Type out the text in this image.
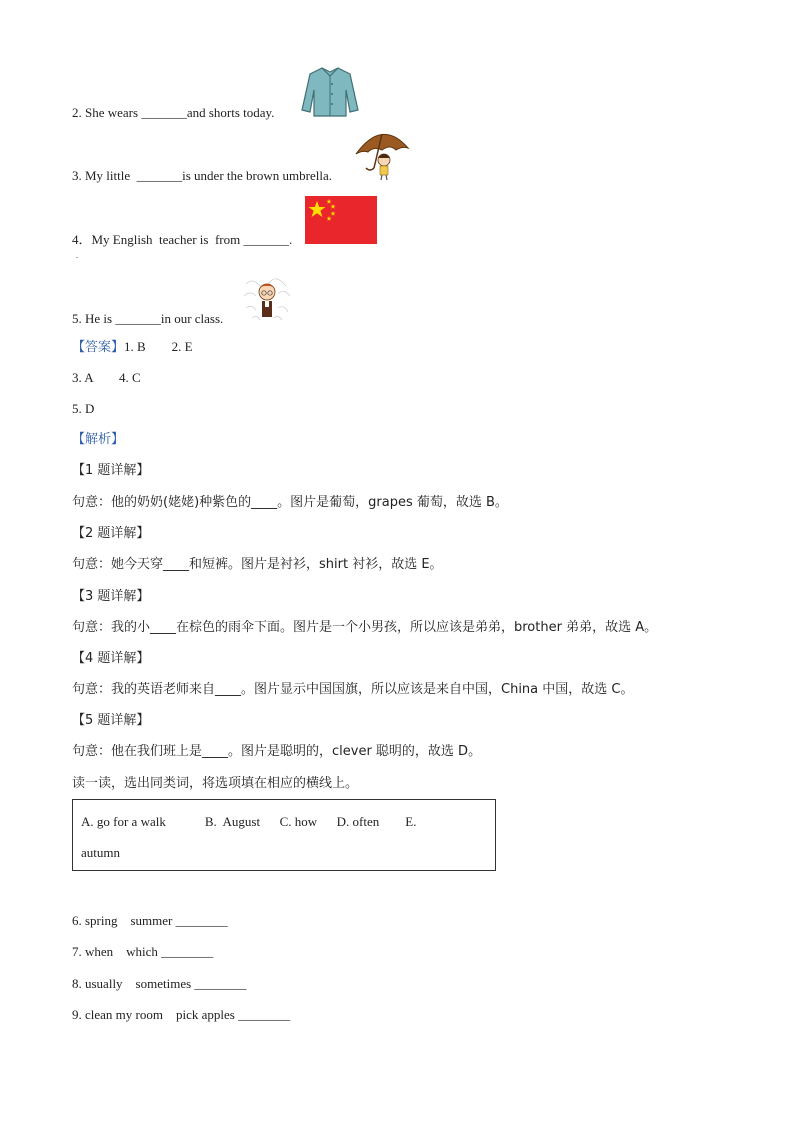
2. She wears _______and shorts today.
3. My little  _______is under the brown umbrella.
4．My English  teacher is  from _______.
5. He is _______in our class.
.
【答案】1. B        2. E
3. A        4. C
5. D
【解析】
【1 题详解】
句意：他的奶奶(姥姥)种紫色的____。图片是葡萄，grapes 葡萄，故选 B。
【2 题详解】
句意：她今天穿____和短裤。图片是衬衫，shirt 衬衫，故选 E。
【3 题详解】
句意：我的小____在棕色的雨伞下面。图片是一个小男孩，所以应该是弟弟，brother 弟弟，故选 A。
【4 题详解】
句意：我的英语老师来自____。图片显示中国国旗，所以应该是来自中国，China 中国，故选 C。
【5 题详解】
句意：他在我们班上是____。图片是聪明的，clever 聪明的，故选 D。
读一读，选出同类词，将选项填在相应的横线上。
A. go for a walk            B.  August      C. how      D. often        E.
autumn
6. spring    summer ________
7. when    which ________
8. usually    sometimes ________
9. clean my room    pick apples ________
